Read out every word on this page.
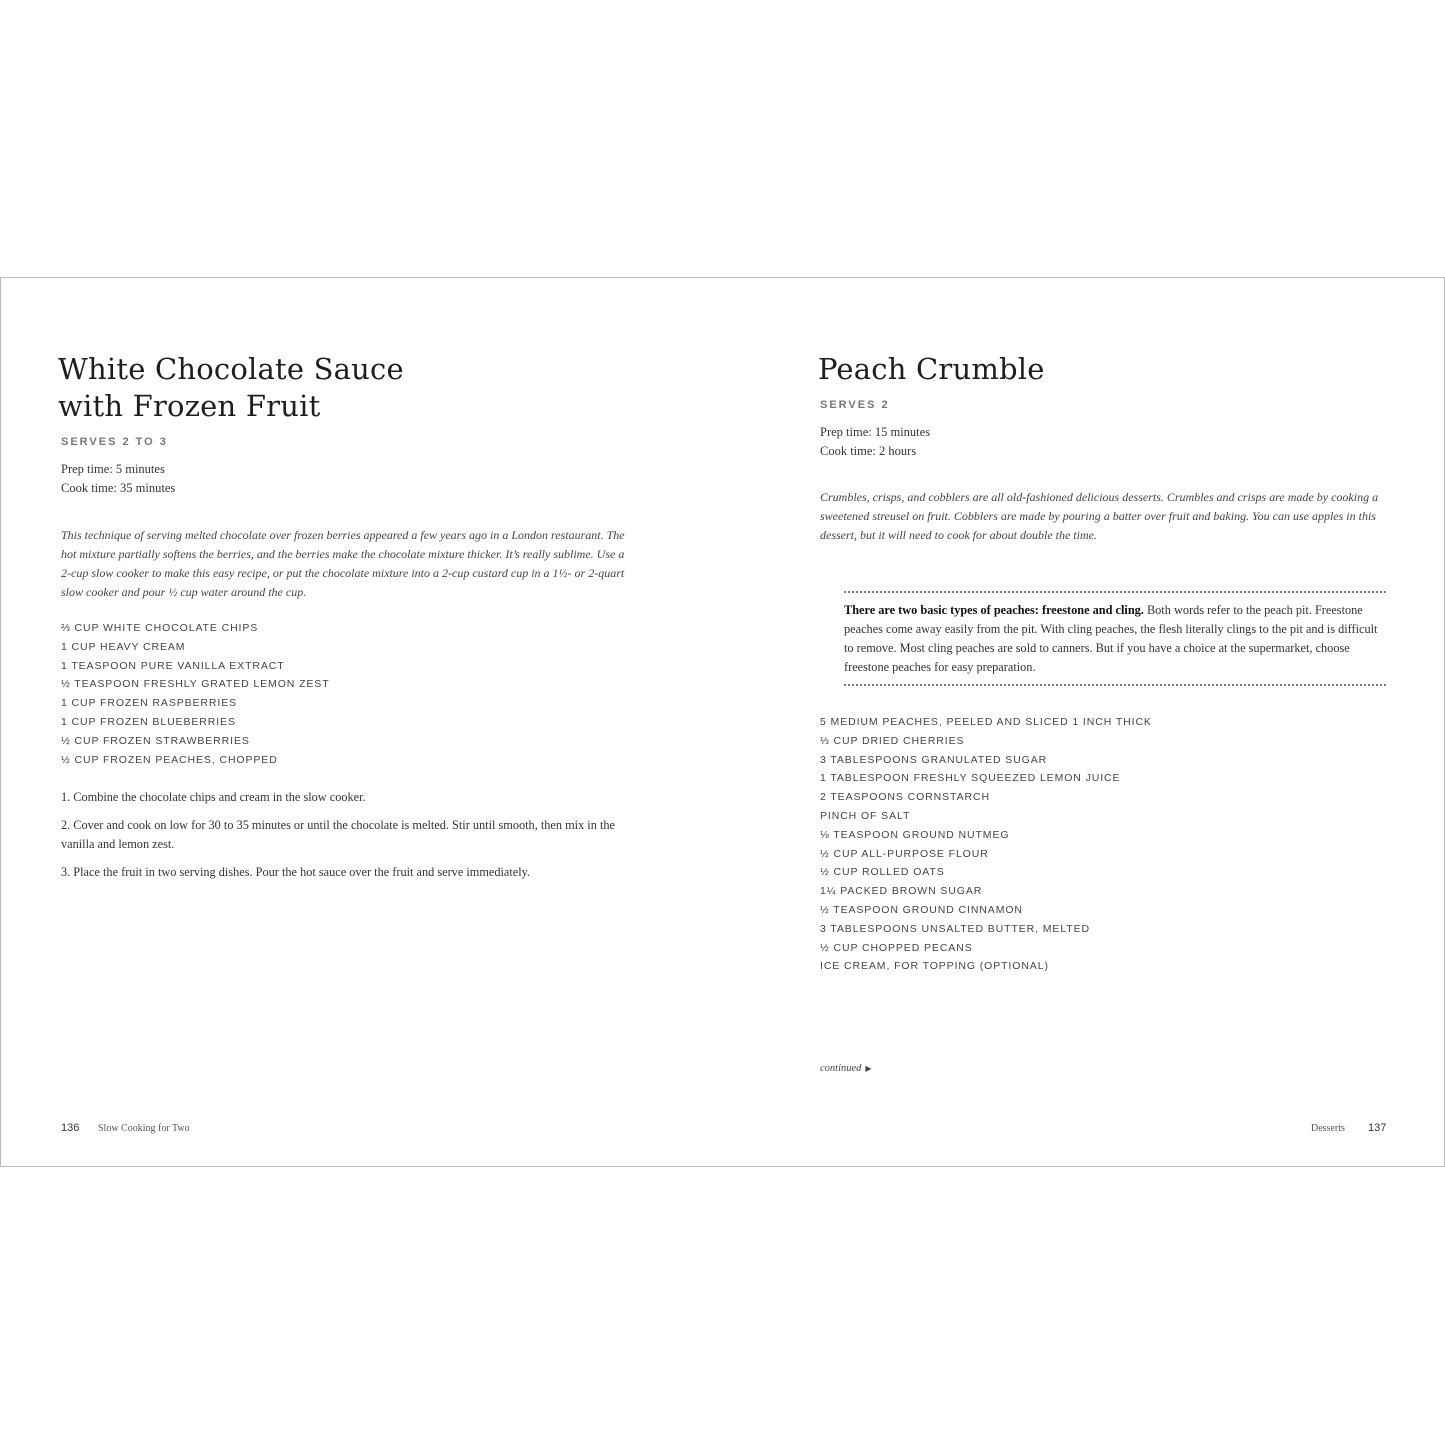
White Chocolate Sauce
with Frozen Fruit
SERVES 2 TO 3
Prep time: 5 minutes
Cook time: 35 minutes
This technique of serving melted chocolate over frozen berries appeared a few years ago in a London restaurant. The hot mixture partially softens the berries, and the berries make the chocolate mixture thicker. It’s really sublime. Use a 2-cup slow cooker to make this easy recipe, or put the chocolate mixture into a 2-cup custard cup in a 1½- or 2-quart slow cooker and pour ½ cup water around the cup.
⅔ CUP WHITE CHOCOLATE CHIPS
1 CUP HEAVY CREAM
1 TEASPOON PURE VANILLA EXTRACT
½ TEASPOON FRESHLY GRATED LEMON ZEST
1 CUP FROZEN RASPBERRIES
1 CUP FROZEN BLUEBERRIES
½ CUP FROZEN STRAWBERRIES
½ CUP FROZEN PEACHES, CHOPPED

1. Combine the chocolate chips and cream in the slow cooker.

2. Cover and cook on low for 30 to 35 minutes or until the chocolate is melted. Stir until smooth, then mix in the vanilla and lemon zest.

3. Place the fruit in two serving dishes. Pour the hot sauce over the fruit and serve immediately.

136 Slow Cooking for Two
Peach Crumble
SERVES 2
Prep time: 15 minutes
Cook time: 2 hours
Crumbles, crisps, and cobblers are all old-fashioned delicious desserts. Crumbles and crisps are made by cooking a sweetened streusel on fruit. Cobblers are made by pouring a batter over fruit and baking. You can use apples in this dessert, but it will need to cook for about double the time.
There are two basic types of peaches: freestone and cling. Both words refer to the peach pit. Freestone peaches come away easily from the pit. With cling peaches, the flesh literally clings to the pit and is difficult to remove. Most cling peaches are sold to canners. But if you have a choice at the supermarket, choose freestone peaches for easy preparation.
5 MEDIUM PEACHES, PEELED AND SLICED 1 INCH THICK
⅓ CUP DRIED CHERRIES
3 TABLESPOONS GRANULATED SUGAR
1 TABLESPOON FRESHLY SQUEEZED LEMON JUICE
2 TEASPOONS CORNSTARCH
PINCH OF SALT
⅛ TEASPOON GROUND NUTMEG
½ CUP ALL-PURPOSE FLOUR
½ CUP ROLLED OATS
1¼ PACKED BROWN SUGAR
½ TEASPOON GROUND CINNAMON
3 TABLESPOONS UNSALTED BUTTER, MELTED
½ CUP CHOPPED PECANS
ICE CREAM, FOR TOPPING (OPTIONAL)
continued ▶
Desserts 137
